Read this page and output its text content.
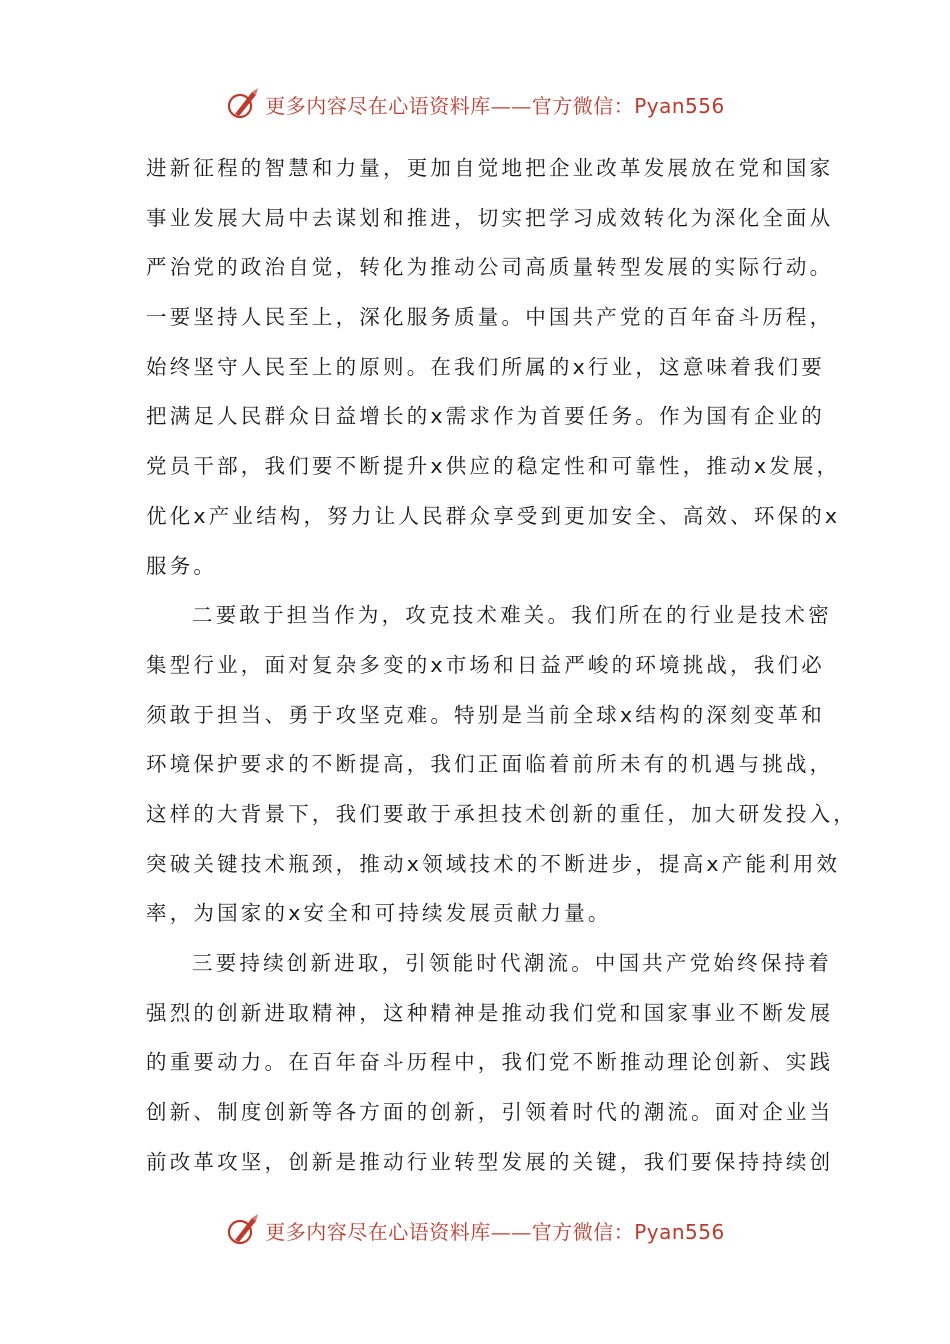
更多内容尽在心语资料库——官方微信：Pyan556
进新征程的智慧和力量，更加自觉地把企业改革发展放在党和国家
事业发展大局中去谋划和推进，切实把学习成效转化为深化全面从
严治党的政治自觉，转化为推动公司高质量转型发展的实际行动。
一要坚持人民至上，深化服务质量。中国共产党的百年奋斗历程，
始终坚守人民至上的原则。在我们所属的x行业，这意味着我们要
把满足人民群众日益增长的x需求作为首要任务。作为国有企业的
党员干部，我们要不断提升x供应的稳定性和可靠性，推动x发展，
优化x产业结构，努力让人民群众享受到更加安全、高效、环保的x
服务。
二要敢于担当作为，攻克技术难关。我们所在的行业是技术密
集型行业，面对复杂多变的x市场和日益严峻的环境挑战，我们必
须敢于担当、勇于攻坚克难。特别是当前全球x结构的深刻变革和
环境保护要求的不断提高，我们正面临着前所未有的机遇与挑战，
这样的大背景下，我们要敢于承担技术创新的重任，加大研发投入，
突破关键技术瓶颈，推动x领域技术的不断进步，提高x产能利用效
率，为国家的x安全和可持续发展贡献力量。
三要持续创新进取，引领能时代潮流。中国共产党始终保持着
强烈的创新进取精神，这种精神是推动我们党和国家事业不断发展
的重要动力。在百年奋斗历程中，我们党不断推动理论创新、实践
创新、制度创新等各方面的创新，引领着时代的潮流。面对企业当
前改革攻坚，创新是推动行业转型发展的关键，我们要保持持续创
更多内容尽在心语资料库——官方微信：Pyan556
